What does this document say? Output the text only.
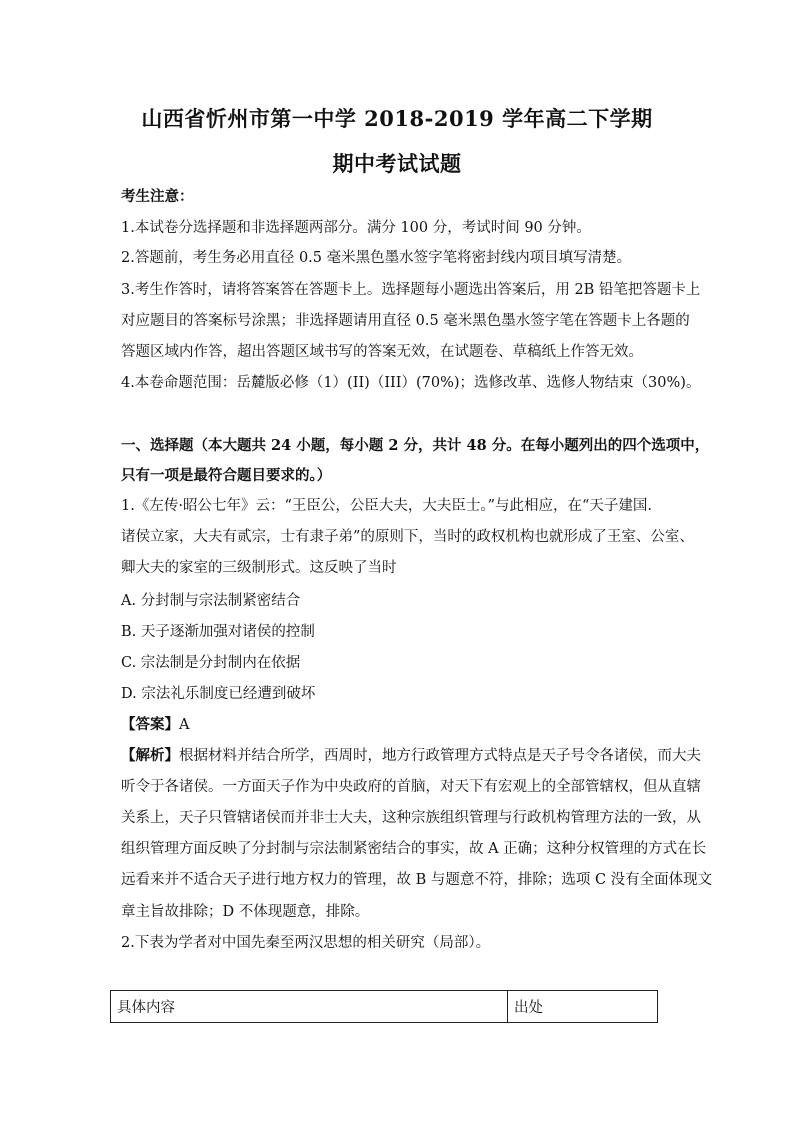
山西省忻州市第一中学 2018-2019 学年高二下学期
期中考试试题
考生注意：
1.本试卷分选择题和非选择题两部分。满分 100 分，考试时间 90 分钟。
2.答题前，考生务必用直径 0.5 毫米黑色墨水签字笔将密封线内项目填写清楚。
3.考生作答时，请将答案答在答题卡上。选择题每小题选出答案后，用 2B 铅笔把答题卡上
对应题目的答案标号涂黑；非选择题请用直径 0.5 毫米黑色墨水签字笔在答题卡上各题的
答题区域内作答，超出答题区域书写的答案无效，在试题卷、草稿纸上作答无效。
4.本卷命题范围：岳麓版必修（1）(II)（III）(70%)；选修改革、选修人物结束（30%)。
一、选择题（本大题共 24 小题，每小题 2 分，共计 48 分。在每小题列出的四个选项中，
只有一项是最符合题目要求的。）
1.《左传·昭公七年》云：“王臣公，公臣大夫，大夫臣士。”与此相应，在“天子建国.
诸侯立家，大夫有贰宗，士有隶子弟”的原则下，当时的政权机构也就形成了王室、公室、
卿大夫的家室的三级制形式。这反映了当时
A. 分封制与宗法制紧密结合
B. 天子逐渐加强对诸侯的控制
C. 宗法制是分封制内在依据
D. 宗法礼乐制度已经遭到破坏
【答案】A
【解析】根据材料并结合所学，西周时，地方行政管理方式特点是天子号令各诸侯，而大夫
听令于各诸侯。一方面天子作为中央政府的首脑，对天下有宏观上的全部管辖权，但从直辖
关系上，天子只管辖诸侯而并非士大夫，这种宗族组织管理与行政机构管理方法的一致，从
组织管理方面反映了分封制与宗法制紧密结合的事实，故 A 正确；这种分权管理的方式在长
远看来并不适合天子进行地方权力的管理，故 B 与题意不符，排除；选项 C 没有全面体现文
章主旨故排除；D 不体现题意，排除。
2.下表为学者对中国先秦至两汉思想的相关研究（局部）。
具体内容	出处
